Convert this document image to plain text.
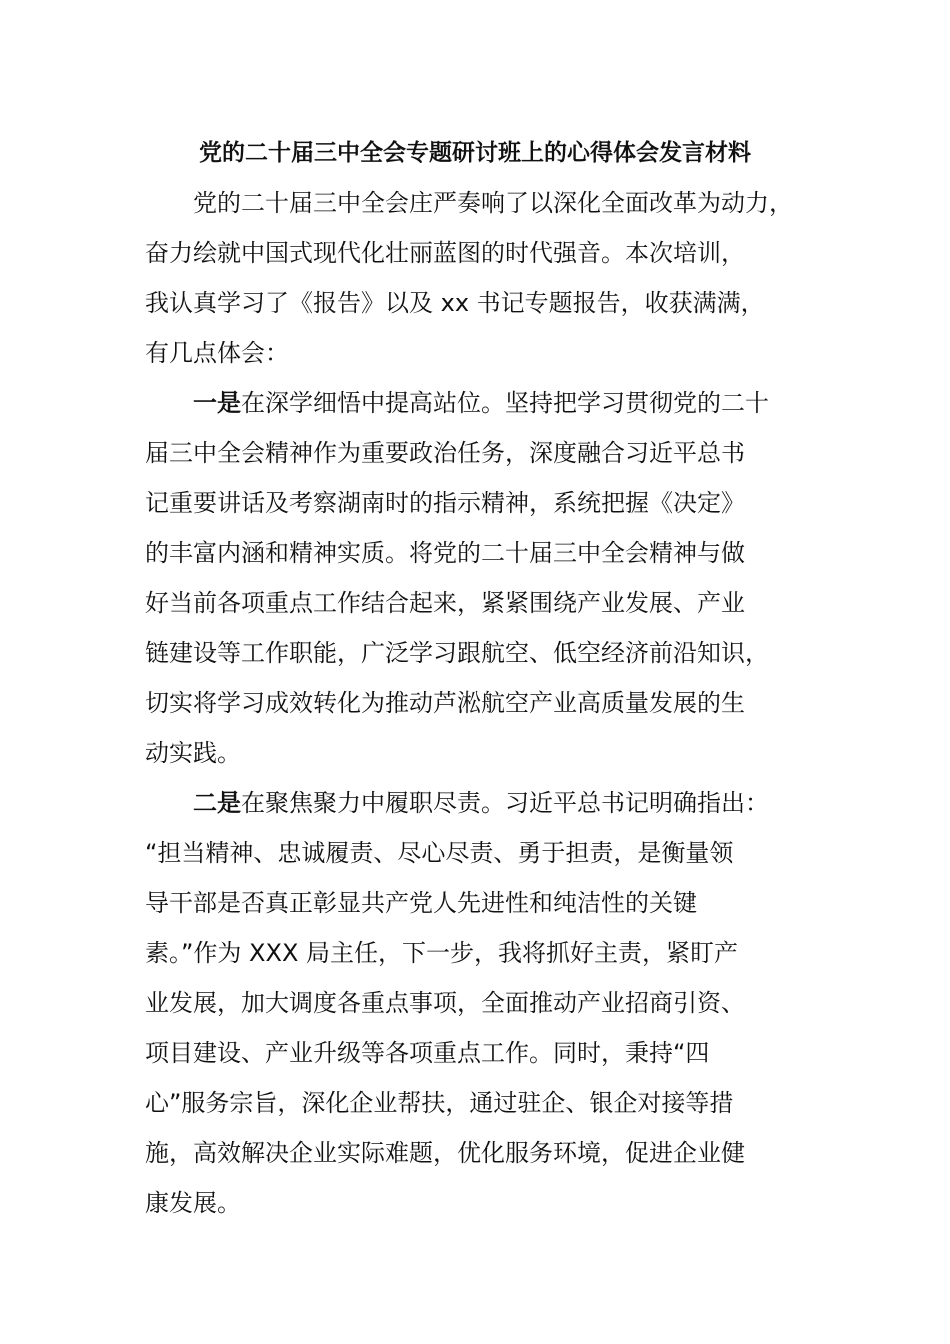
党的二十届三中全会专题研讨班上的心得体会发言材料
党的二十届三中全会庄严奏响了以深化全面改革为动力，
奋力绘就中国式现代化壮丽蓝图的时代强音。本次培训，
我认真学习了《报告》以及 xx 书记专题报告，收获满满，
有几点体会：
一是在深学细悟中提高站位。坚持把学习贯彻党的二十
届三中全会精神作为重要政治任务，深度融合习近平总书
记重要讲话及考察湖南时的指示精神，系统把握《决定》
的丰富内涵和精神实质。将党的二十届三中全会精神与做
好当前各项重点工作结合起来，紧紧围绕产业发展、产业
链建设等工作职能，广泛学习跟航空、低空经济前沿知识，
切实将学习成效转化为推动芦淞航空产业高质量发展的生
动实践。
二是在聚焦聚力中履职尽责。习近平总书记明确指出：
“担当精神、忠诚履责、尽心尽责、勇于担责，是衡量领
导干部是否真正彰显共产党人先进性和纯洁性的关键
素。”作为 XXX 局主任，下一步，我将抓好主责，紧盯产
业发展，加大调度各重点事项，全面推动产业招商引资、
项目建设、产业升级等各项重点工作。同时，秉持“四
心”服务宗旨，深化企业帮扶，通过驻企、银企对接等措
施，高效解决企业实际难题，优化服务环境，促进企业健
康发展。
